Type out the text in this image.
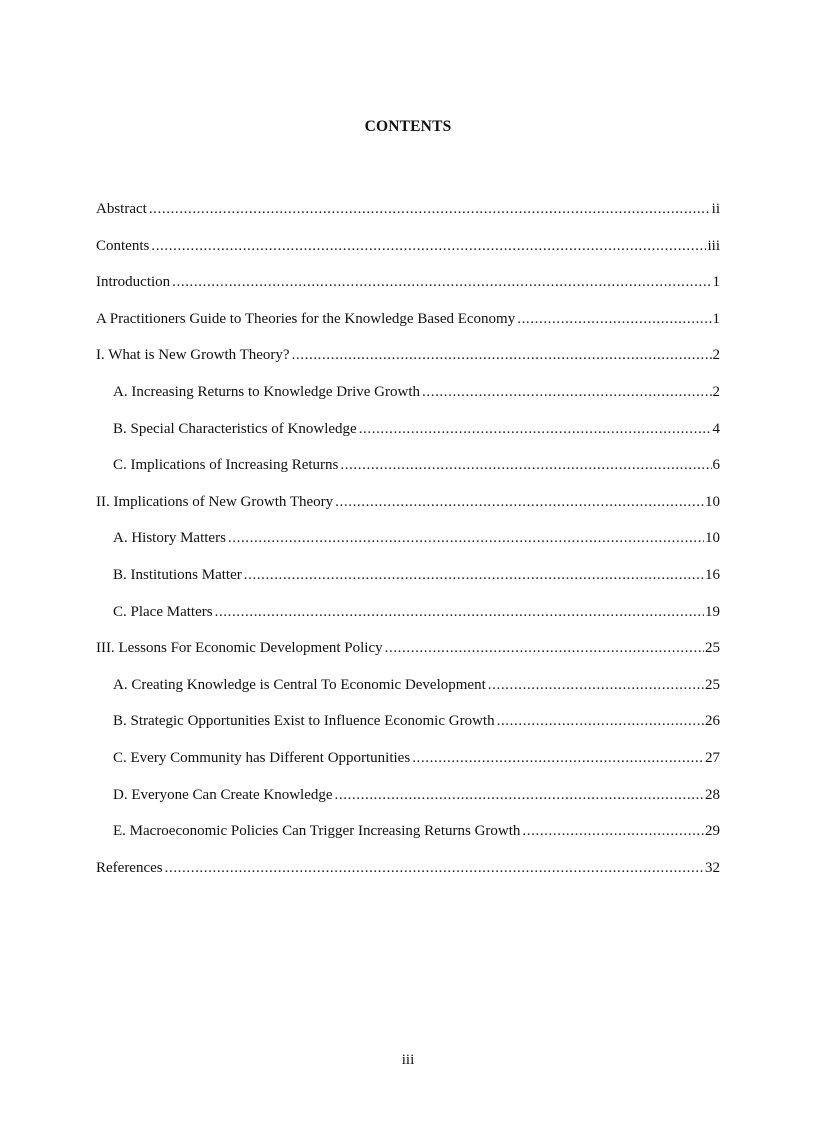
CONTENTS
Abstract .....	ii
Contents .....	iii
Introduction .....	1
A Practitioners Guide to Theories for the Knowledge Based Economy .....	1
I. What is New Growth Theory? .....	2
A. Increasing Returns to Knowledge Drive Growth .....	2
B. Special Characteristics of Knowledge .....	4
C. Implications of Increasing Returns .....	6
II. Implications of New Growth Theory .....	10
A. History Matters .....	10
B. Institutions Matter .....	16
C. Place Matters .....	19
III. Lessons For Economic Development Policy .....	25
A. Creating Knowledge is Central To Economic Development .....	25
B. Strategic Opportunities Exist to Influence Economic Growth .....	26
C. Every Community has Different Opportunities .....	27
D. Everyone Can Create Knowledge .....	28
E. Macroeconomic Policies Can Trigger Increasing Returns Growth .....	29
References .....	32
iii
